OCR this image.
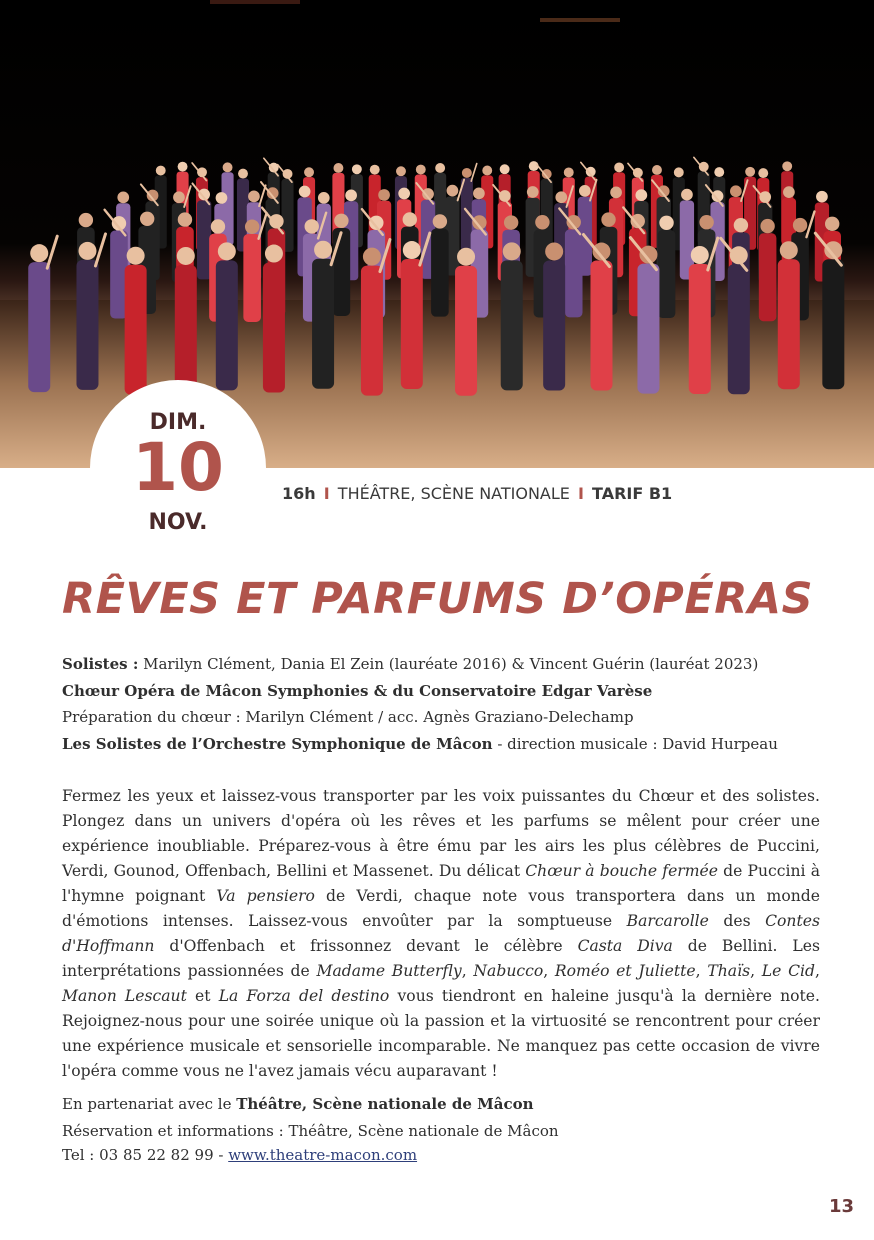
DIM.
10
NOV.
16h I THÉÂTRE, SCÈNE NATIONALE I TARIF B1
RÊVES ET PARFUMS D’OPÉRAS
Solistes : Marilyn Clément, Dania El Zein (lauréate 2016) & Vincent Guérin (lauréat 2023)
Chœur Opéra de Mâcon Symphonies & du Conservatoire Edgar Varèse
Préparation du chœur : Marilyn Clément / acc. Agnès Graziano-Delechamp
Les Solistes de l’Orchestre Symphonique de Mâcon - direction musicale : David Hurpeau
Fermez les yeux et laissez-vous transporter par les voix puissantes du Chœur et des solistes. Plongez dans un univers d'opéra où les rêves et les parfums se mêlent pour créer une expérience inoubliable. Préparez-vous à être ému par les airs les plus célèbres de Puccini, Verdi, Gounod, Offenbach, Bellini et Massenet. Du délicat Chœur à bouche fermée de Puccini à l'hymne poignant Va pensiero de Verdi, chaque note vous transportera dans un monde d'émotions intenses. Laissez-vous envoûter par la somptueuse Barcarolle des Contes d'Hoffmann d'Offenbach et frissonnez devant le célèbre Casta Diva de Bellini. Les interprétations passionnées de Madame Butterfly, Nabucco, Roméo et Juliette, Thaïs, Le Cid, Manon Lescaut et La Forza del destino vous tiendront en haleine jusqu'à la dernière note. Rejoignez-nous pour une soirée unique où la passion et la virtuosité se rencontrent pour créer une expérience musicale et sensorielle incomparable. Ne manquez pas cette occasion de vivre l'opéra comme vous ne l'avez jamais vécu auparavant !
En partenariat avec le Théâtre, Scène nationale de Mâcon
Réservation et informations : Théâtre, Scène nationale de Mâcon
Tel : 03 85 22 82 99 - www.theatre-macon.com
13
